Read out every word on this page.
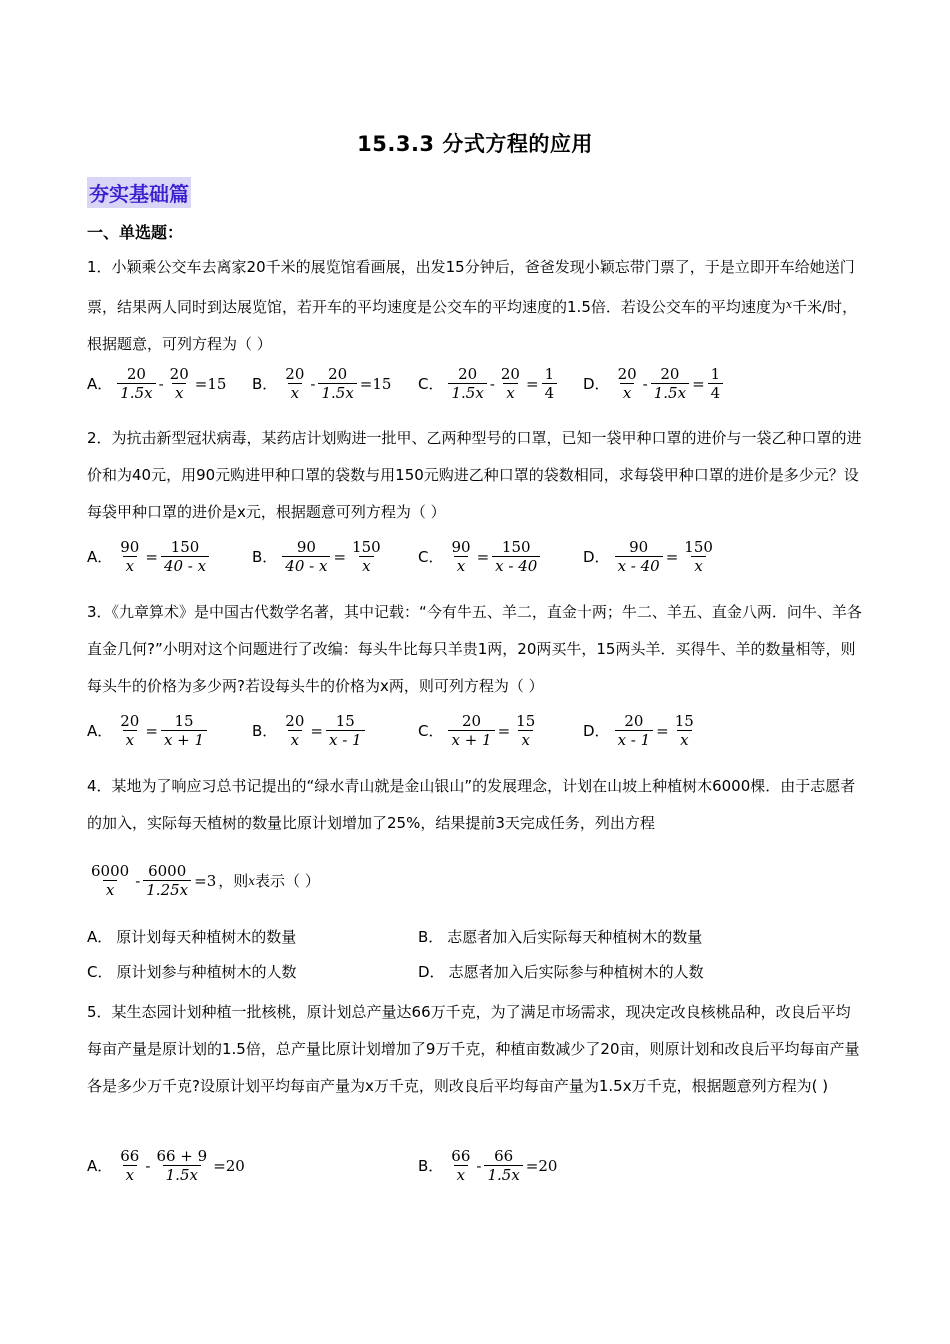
15.3.3 分式方程的应用
夯实基础篇
一、单选题：
1．小颖乘公交车去离家20千米的展览馆看画展，出发15分钟后，爸爸发现小颖忘带门票了，于是立即开车给她送门票，结果两人同时到达展览馆，若开车的平均速度是公交车的平均速度的1.5倍．若设公交车的平均速度为$^x$千米/时，根据题意，可列方程为（ ）
A． $\frac{20}{1.5x} - \frac{20}{x} =15$ B． $\frac{20}{x} - \frac{20}{1.5x} =15$ C． $\frac{20}{1.5x} - \frac{20}{x} = \frac{1}{4}$ D． $\frac{20}{x} - \frac{20}{1.5x} = \frac{1}{4}$
2．为抗击新型冠状病毒，某药店计划购进一批甲、乙两种型号的口罩，已知一袋甲种口罩的进价与一袋乙种口罩的进价和为40元，用90元购进甲种口罩的袋数与用150元购进乙种口罩的袋数相同，求每袋甲种口罩的进价是多少元？设每袋甲种口罩的进价是x元，根据题意可列方程为（ ）
A． $\frac{90}{x} = \frac{150}{40 - x}$	B． $\frac{90}{40 - x} = \frac{150}{x}$ C． $\frac{90}{x} = \frac{150}{x - 40}$	D． $\frac{90}{x - 40} = \frac{150}{x}$
3．《九章算术》是中国古代数学名著，其中记载：“今有牛五、羊二，直金十两；牛二、羊五、直金八两．问牛、羊各直金几何?”小明对这个问题进行了改编：每头牛比每只羊贵1两，20两买牛，15两头羊．买得牛、羊的数量相等，则每头牛的价格为多少两?若设每头牛的价格为x两，则可列方程为（ ）
A． $\frac{20}{x} = \frac{15}{x + 1}$	B． $\frac{20}{x} = \frac{15}{x - 1}$	C． $\frac{20}{x + 1} = \frac{15}{x}$	D． $\frac{20}{x - 1} = \frac{15}{x}$
4．某地为了响应习总书记提出的“绿水青山就是金山银山”的发展理念，计划在山坡上种植树木6000棵．由于志愿者的加入，实际每天植树的数量比原计划增加了25%，结果提前3天完成任务，列出方程
$\frac{6000}{x} - \frac{6000}{1.25x} =3$ ，则 x 表示（ ）
A． 原计划每天种植树木的数量	B． 志愿者加入后实际每天种植树木的数量
C． 原计划参与种植树木的人数	D． 志愿者加入后实际参与种植树木的人数
5．某生态园计划种植一批核桃，原计划总产量达66万千克，为了满足市场需求，现决定改良核桃品种，改良后平均每亩产量是原计划的1.5倍，总产量比原计划增加了9万千克，种植亩数减少了20亩，则原计划和改良后平均每亩产量各是多少万千克?设原计划平均每亩产量为x万千克，则改良后平均每亩产量为1.5x万千克，根据题意列方程为( )
A． $\frac{66}{x} - \frac{66 + 9}{1.5x} =20$	B． $\frac{66}{x} - \frac{66}{1.5x} =20$
